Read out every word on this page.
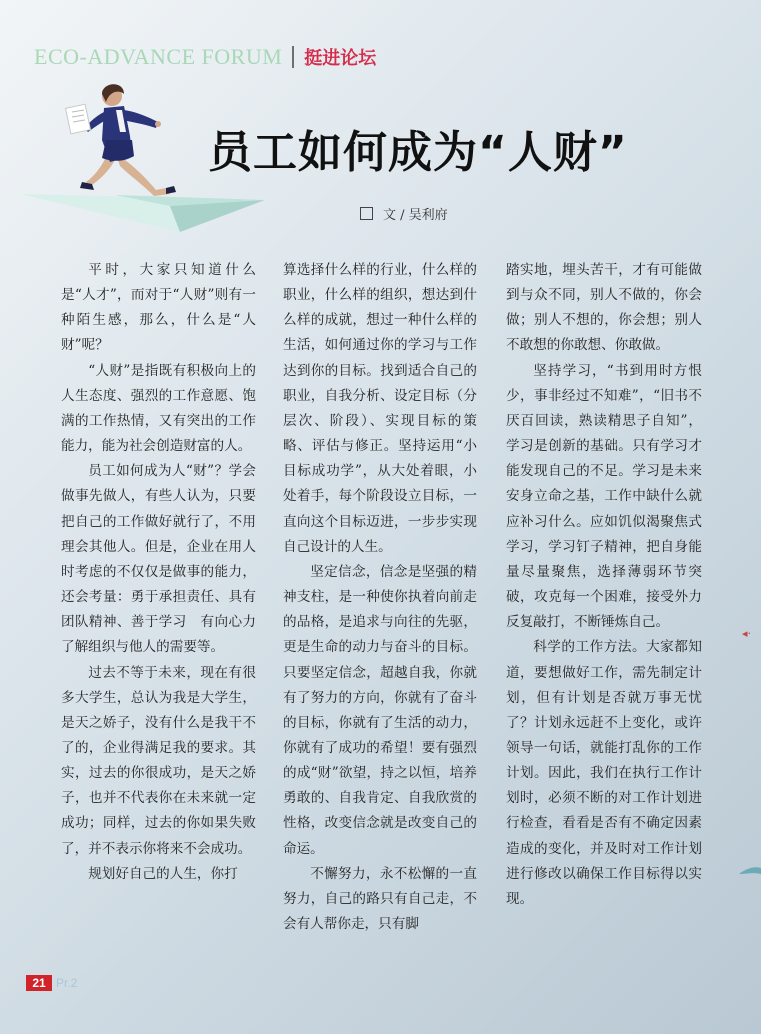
ECO-ADVANCE FORUM 挺进论坛
员工如何成为“人财”
文 / 吴利府

平时，大家只知道什么是“人才”，而对于“人财”则有一种陌生感，那么，什么是“人财”呢？

“人财”是指既有积极向上的人生态度、强烈的工作意愿、饱满的工作热情，又有突出的工作能力，能为社会创造财富的人。

员工如何成为人“财”？学会做事先做人，有些人认为，只要把自己的工作做好就行了，不用理会其他人。但是，企业在用人时考虑的不仅仅是做事的能力，还会考量：勇于承担责任、具有团队精神、善于学习　有向心力　了解组织与他人的需要等。

过去不等于未来，现在有很多大学生，总认为我是大学生，是天之娇子，没有什么是我干不了的，企业得满足我的要求。其实，过去的你很成功，是天之娇子，也并不代表你在未来就一定成功；同样，过去的你如果失败了，并不表示你将来不会成功。

规划好自己的人生，你打

算选择什么样的行业，什么样的职业，什么样的组织，想达到什么样的成就，想过一种什么样的生活，如何通过你的学习与工作达到你的目标。找到适合自己的职业，自我分析、设定目标（分层次、阶段）、实现目标的策略、评估与修正。坚持运用“小目标成功学”，从大处着眼，小处着手，每个阶段设立目标，一直向这个目标迈进，一步步实现自己设计的人生。

坚定信念，信念是坚强的精神支柱，是一种使你执着向前走的品格，是追求与向往的先驱，更是生命的动力与奋斗的目标。只要坚定信念，超越自我，你就有了努力的方向，你就有了奋斗的目标，你就有了生活的动力，你就有了成功的希望！要有强烈的成“财”欲望，持之以恒，培养勇敢的、自我肯定、自我欣赏的性格，改变信念就是改变自己的命运。

不懈努力，永不松懈的一直努力，自己的路只有自己走，不会有人帮你走，只有脚

踏实地，埋头苦干，才有可能做到与众不同，别人不做的，你会做；别人不想的，你会想；别人不敢想的你敢想、你敢做。

坚持学习，“书到用时方恨少，事非经过不知难”，“旧书不厌百回读，熟读精思子自知”，学习是创新的基础。只有学习才能发现自己的不足。学习是未来安身立命之基，工作中缺什么就应补习什么。应如饥似渴聚焦式学习，学习钉子精神，把自身能量尽量聚焦，选择薄弱环节突破，攻克每一个困难，接受外力反复敲打，不断锤炼自己。

科学的工作方法。大家都知道，要想做好工作，需先制定计划，但有计划是否就万事无忧了？计划永远赶不上变化，或许领导一句话，就能打乱你的工作计划。因此，我们在执行工作计划时，必须不断的对工作计划进行检查，看看是否有不确定因素造成的变化，并及时对工作计划进行修改以确保工作目标得以实现。

◂·
21 Pr.2
